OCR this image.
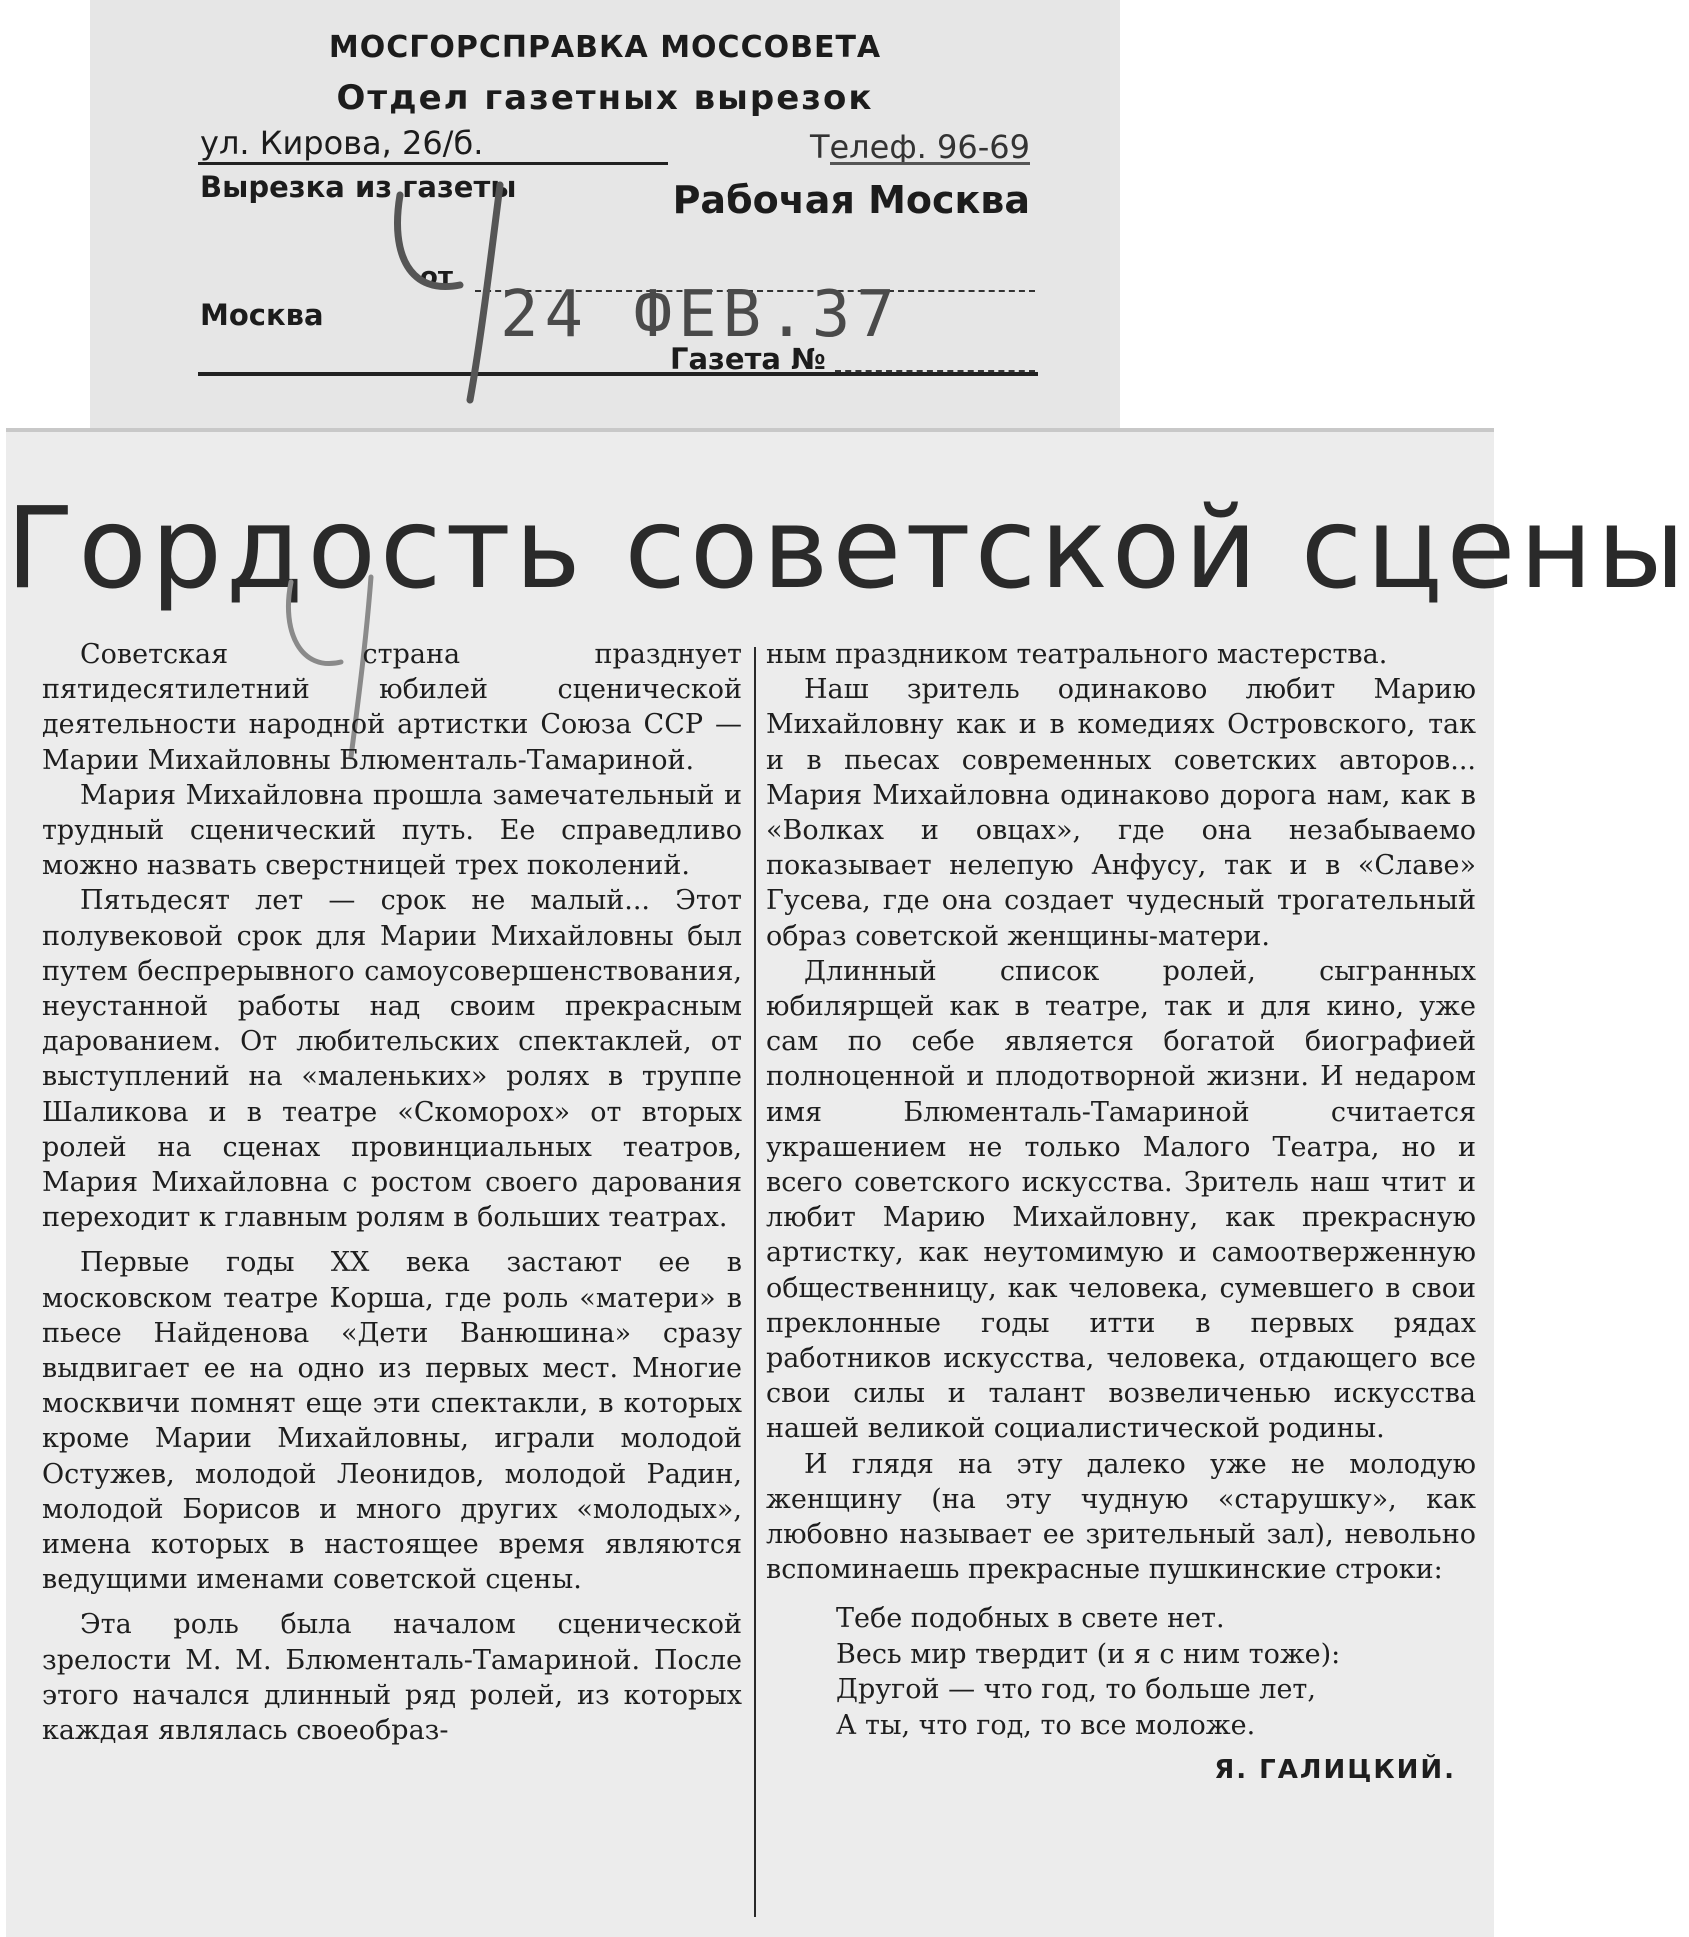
МОСГОРСПРАВКА МОССОВЕТА
Отдел газетных вырезок
ул. Кирова, 26/б.	Телеф. 96-69
Вырезка из газеты	Рабочая Москва
от
Москва	24 ФЕВ.37
Газета №
Гордость советской сцены

Советская страна празднует пятидесятилетний юбилей сценической деятельности народной артистки Союза ССР — Марии Михайловны Блюменталь-Тамариной.

Мария Михайловна прошла замечательный и трудный сценический путь. Ее справедливо можно назвать сверстницей трех поколений.

Пятьдесят лет — срок не малый... Этот полувековой срок для Марии Михайловны был путем беспрерывного самоусовершенствования, неустанной работы над своим прекрасным дарованием. От любительских спектаклей, от выступлений на «маленьких» ролях в труппе Шаликова и в театре «Скоморох» от вторых ролей на сценах провинциальных театров, Мария Михайловна с ростом своего дарования переходит к главным ролям в больших театрах.

Первые годы XX века застают ее в московском театре Корша, где роль «матери» в пьесе Найденова «Дети Ванюшина» сразу выдвигает ее на одно из первых мест. Многие москвичи помнят еще эти спектакли, в которых кроме Марии Михайловны, играли молодой Остужев, молодой Леонидов, молодой Радин, молодой Борисов и много других «молодых», имена которых в настоящее время являются ведущими именами советской сцены.

Эта роль была началом сценической зрелости М. М. Блюменталь-Тамариной. После этого начался длинный ряд ролей, из которых каждая являлась своеобраз-

ным праздником театрального мастерства.

Наш зритель одинаково любит Марию Михайловну как и в комедиях Островского, так и в пьесах современных советских авторов... Мария Михайловна одинаково дорога нам, как в «Волках и овцах», где она незабываемо показывает нелепую Анфусу, так и в «Славе» Гусева, где она создает чудесный трогательный образ советской женщины-матери.

Длинный список ролей, сыгранных юбилярщей как в театре, так и для кино, уже сам по себе является богатой биографией полноценной и плодотворной жизни. И недаром имя Блюменталь-Тамариной считается украшением не только Малого Театра, но и всего советского искусства. Зритель наш чтит и любит Марию Михайловну, как прекрасную артистку, как неутомимую и самоотверженную общественницу, как человека, сумевшего в свои преклонные годы итти в первых рядах работников искусства, человека, отдающего все свои силы и талант возвеличенью искусства нашей великой социалистической родины.

И глядя на эту далеко уже не молодую женщину (на эту чудную «старушку», как любовно называет ее зрительный зал), невольно вспоминаешь прекрасные пушкинские строки:

Тебе подобных в свете нет.
Весь мир твердит (и я с ним тоже):
Другой — что год, то больше лет,
А ты, что год, то все моложе.
Я. ГАЛИЦКИЙ.
